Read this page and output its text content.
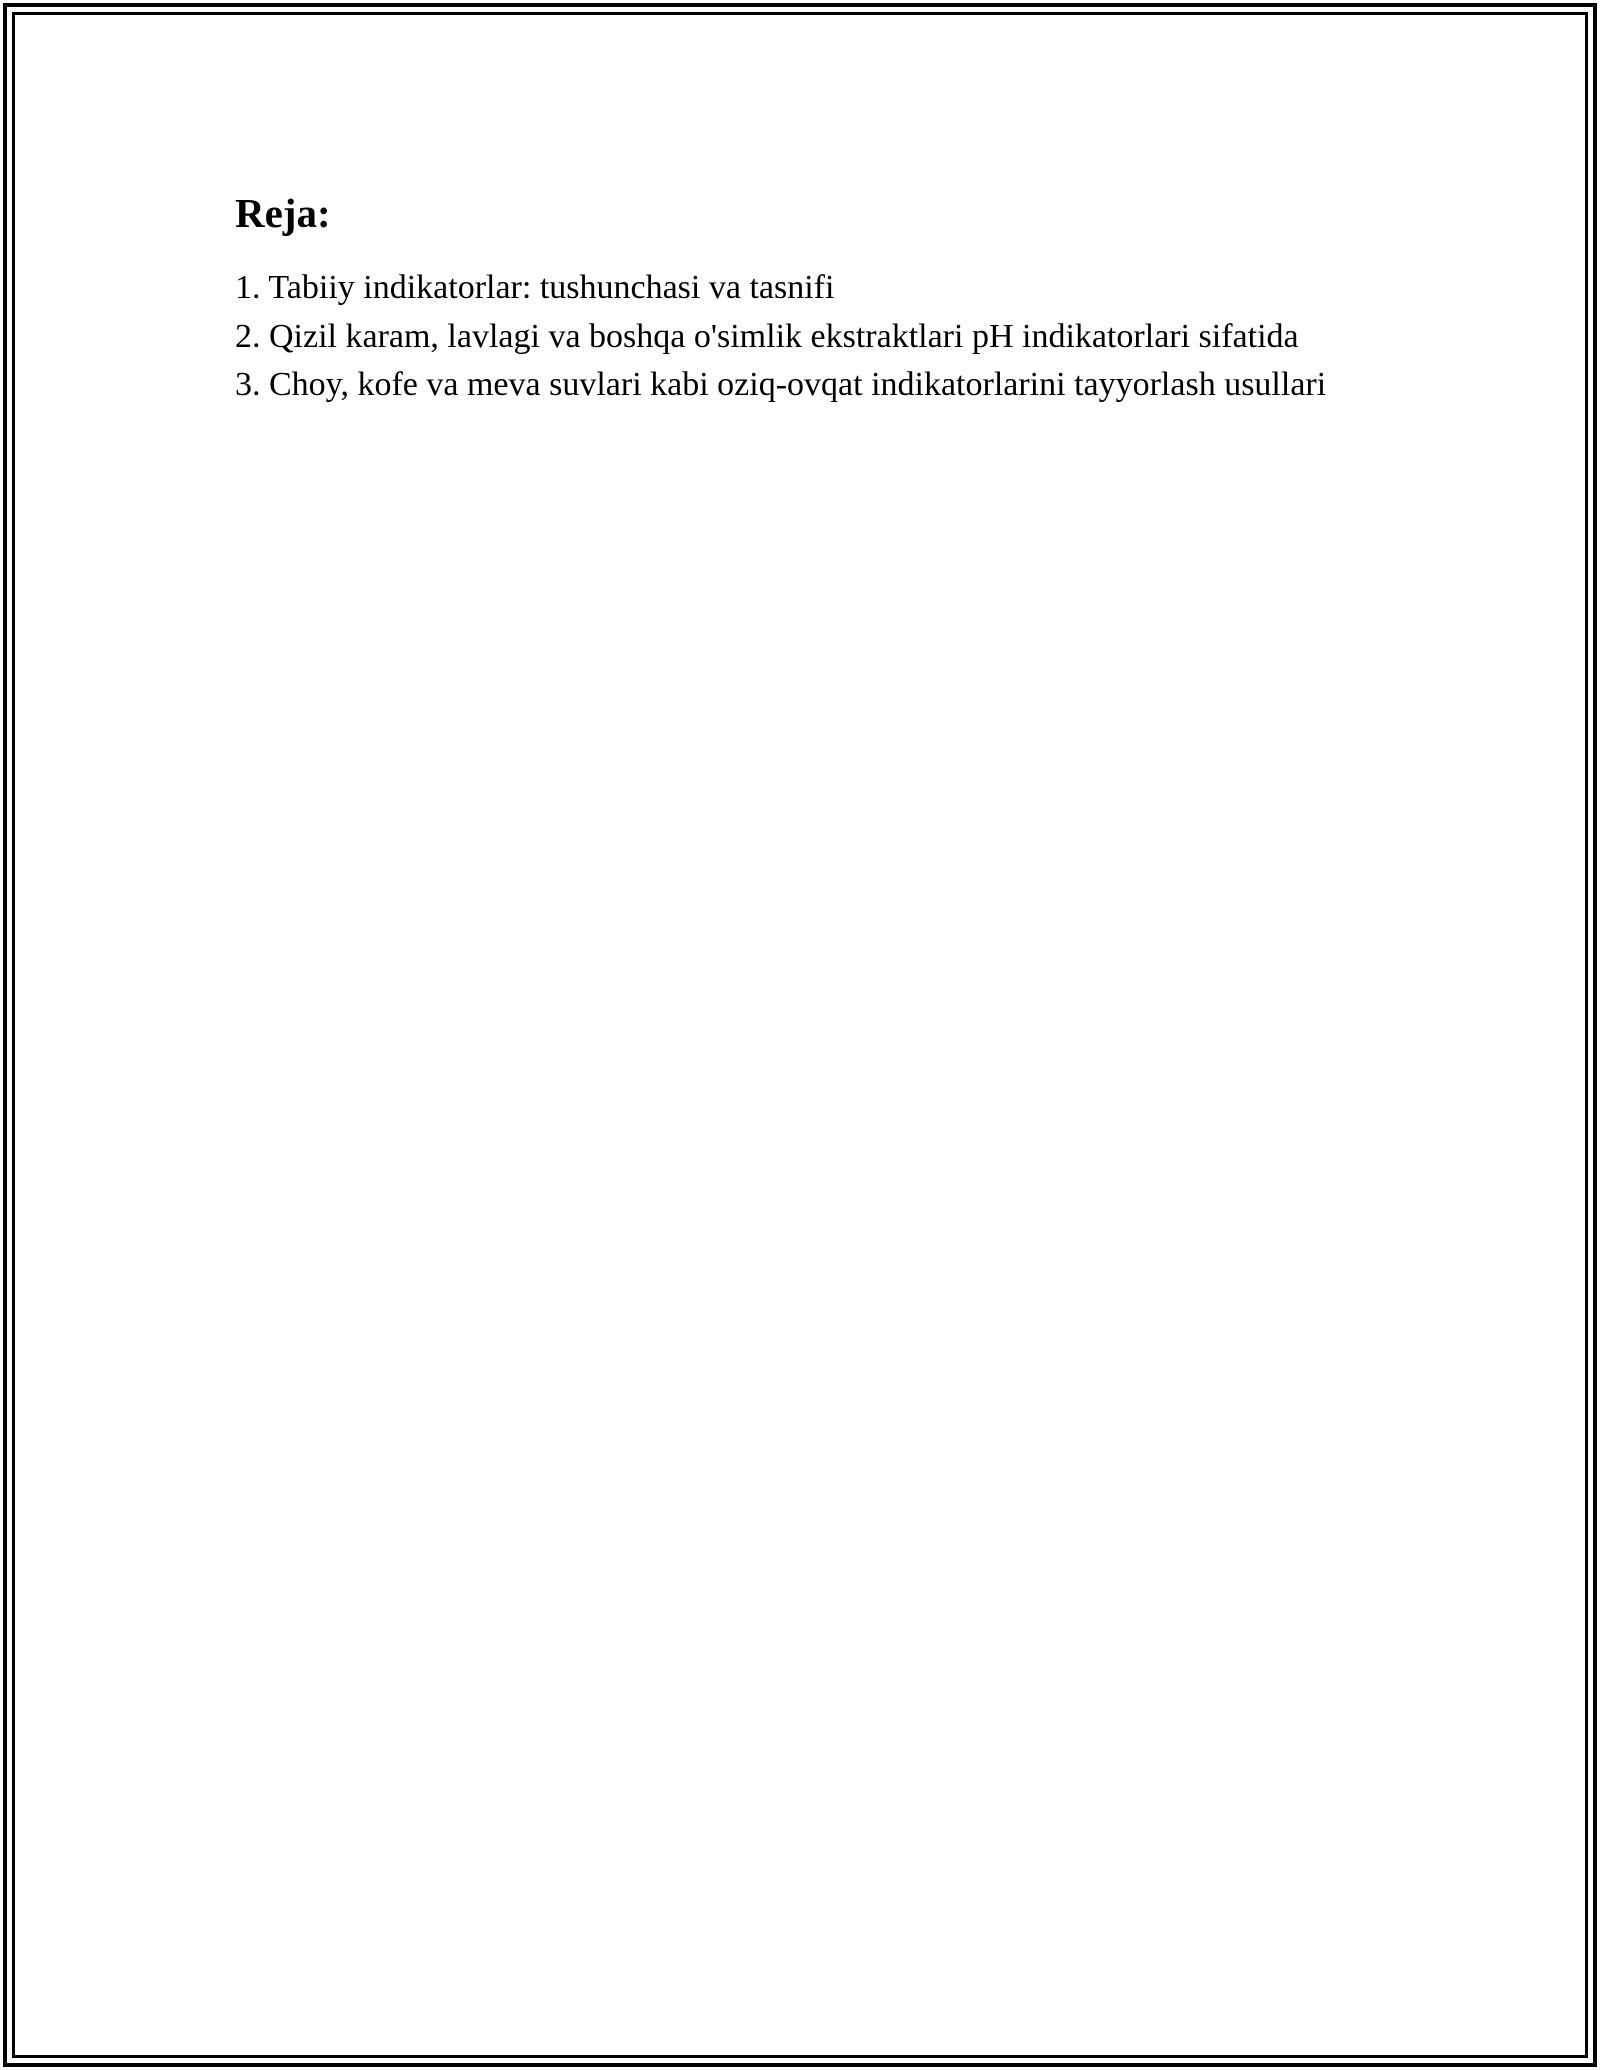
Reja:
1. Tabiiy indikatorlar: tushunchasi va tasnifi
2. Qizil karam, lavlagi va boshqa o'simlik ekstraktlari pH indikatorlari sifatida
3. Choy, kofe va meva suvlari kabi oziq-ovqat indikatorlarini tayyorlash usullari
